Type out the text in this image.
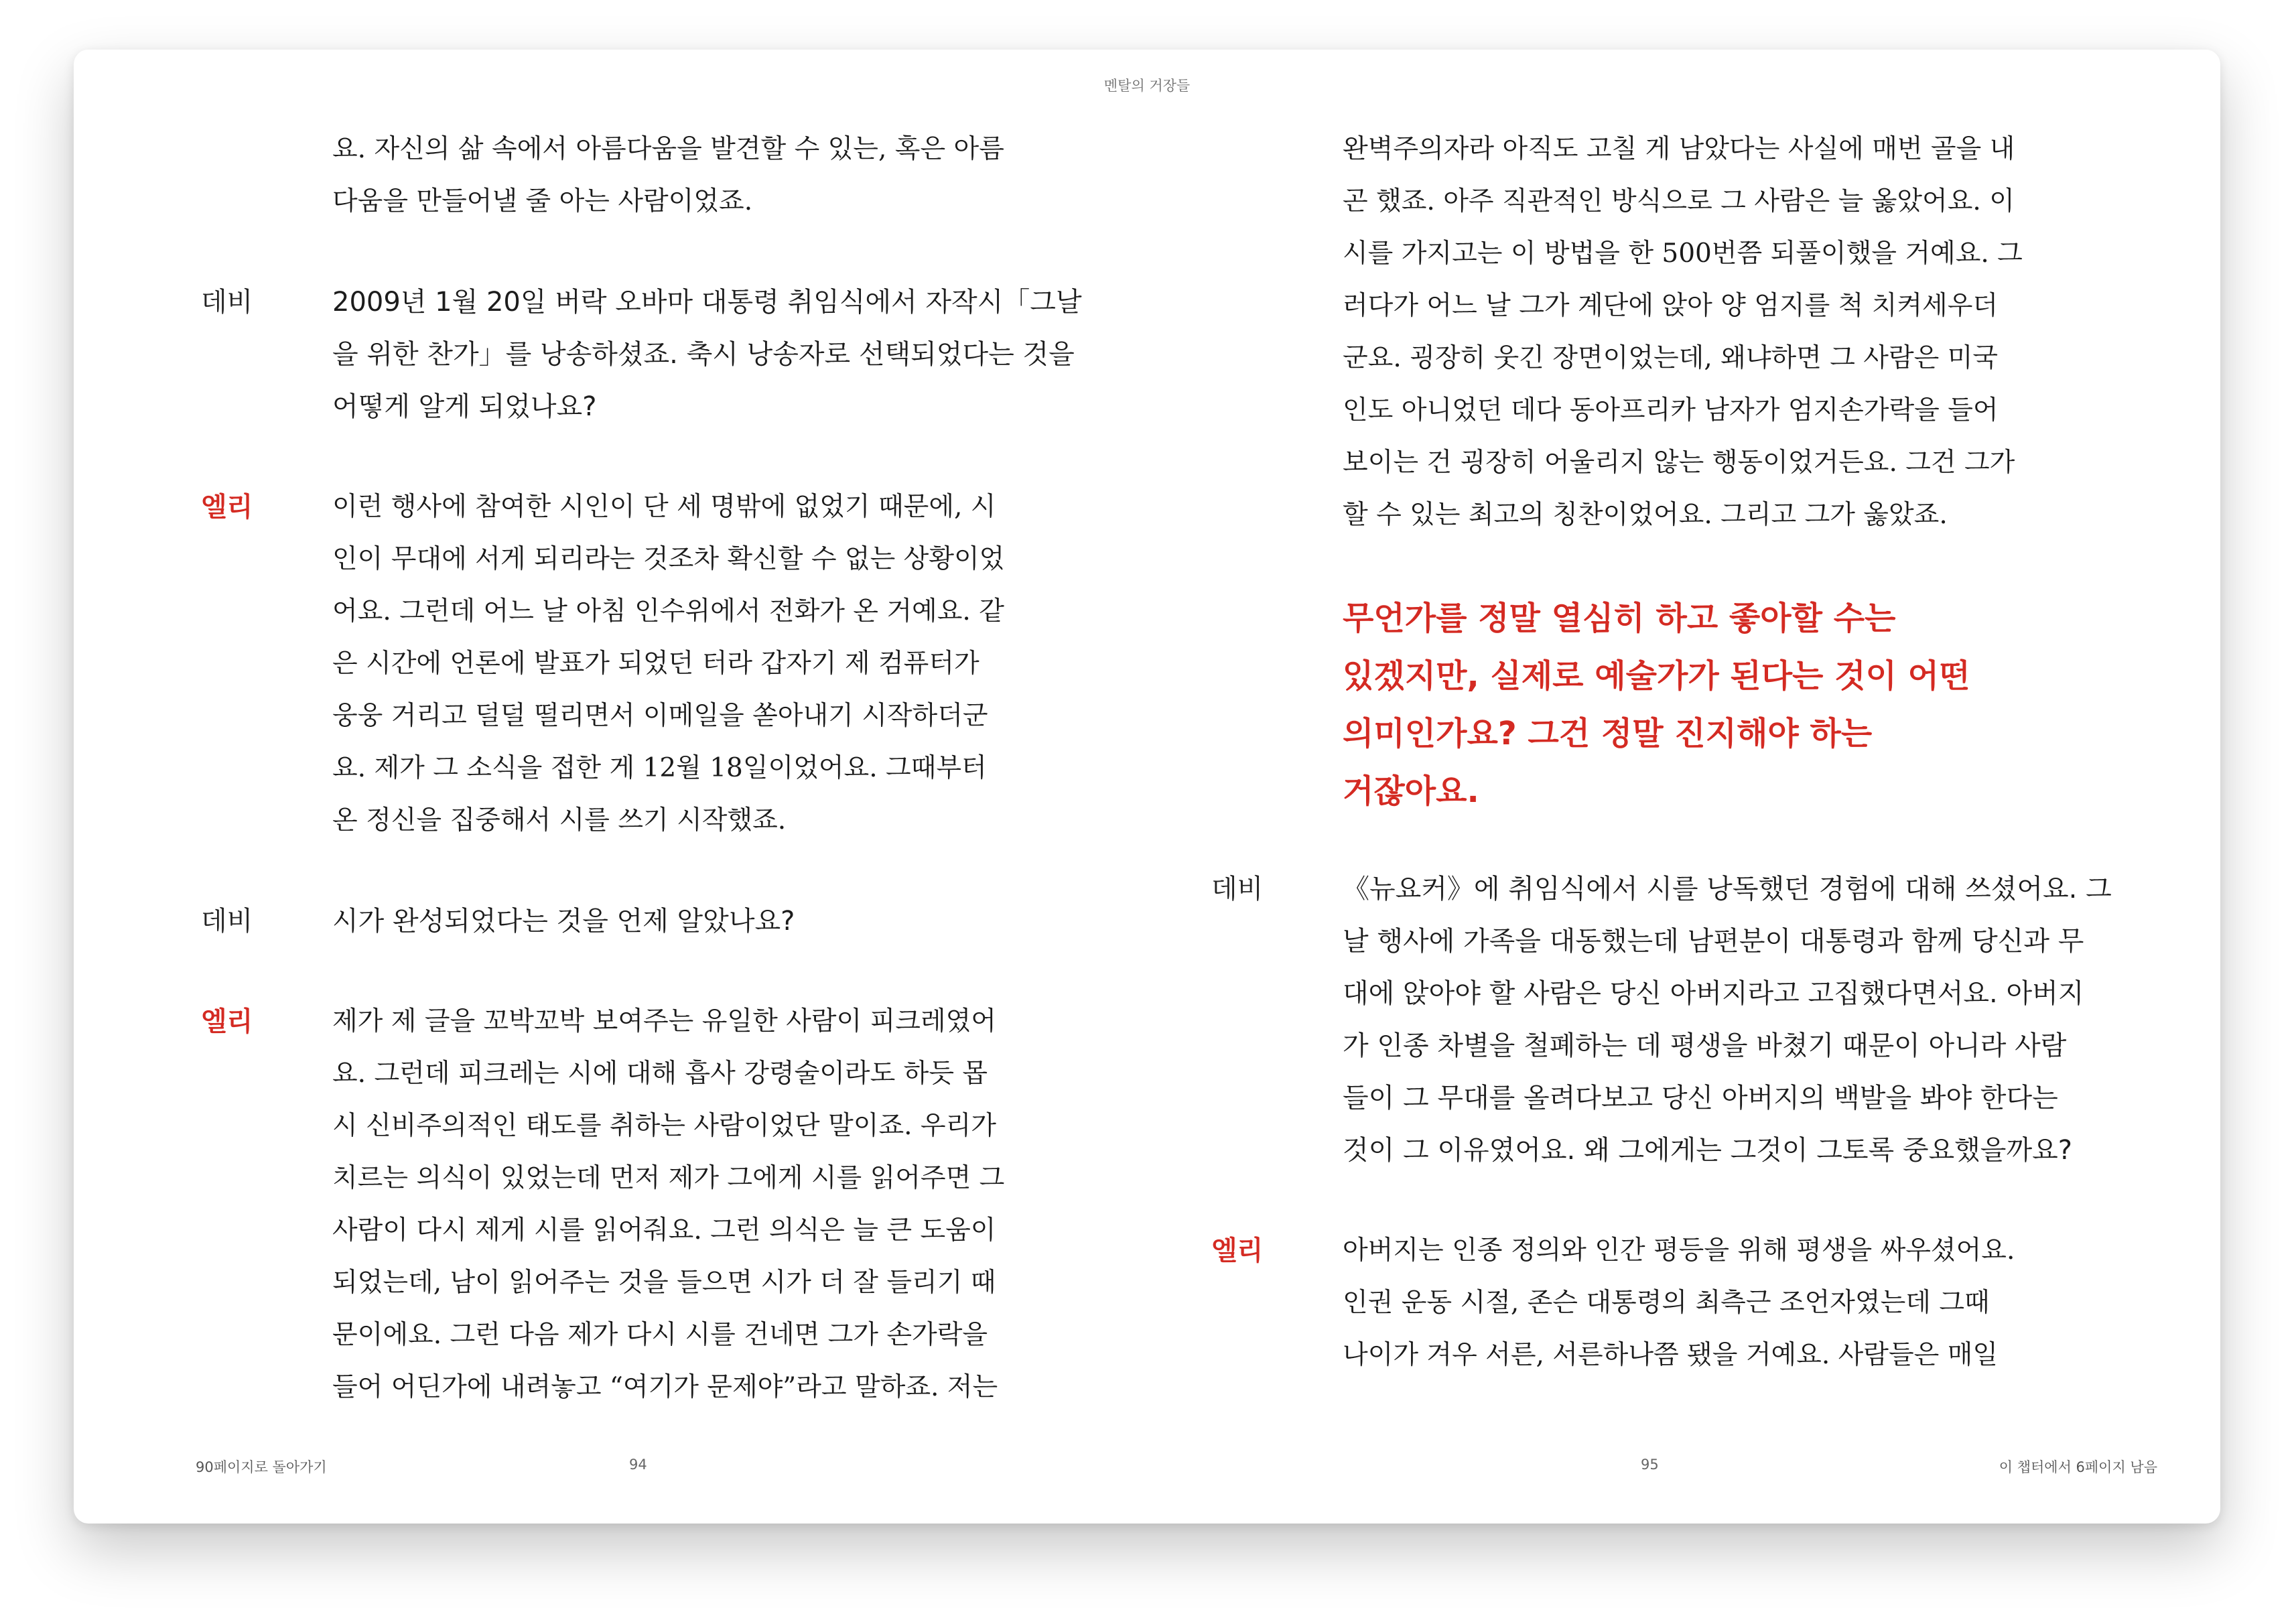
멘탈의 거장들
요. 자신의 삶 속에서 아름다움을 발견할 수 있는, 혹은 아름
다움을 만들어낼 줄 아는 사람이었죠.
데비	2009년 1월 20일 버락 오바마 대통령 취임식에서 자작시「그날
을 위한 찬가」를 낭송하셨죠. 축시 낭송자로 선택되었다는 것을
어떻게 알게 되었나요?
엘리	이런 행사에 참여한 시인이 단 세 명밖에 없었기 때문에, 시
인이 무대에 서게 되리라는 것조차 확신할 수 없는 상황이었
어요. 그런데 어느 날 아침 인수위에서 전화가 온 거예요. 같
은 시간에 언론에 발표가 되었던 터라 갑자기 제 컴퓨터가
웅웅 거리고 덜덜 떨리면서 이메일을 쏟아내기 시작하더군
요. 제가 그 소식을 접한 게 12월 18일이었어요. 그때부터
온 정신을 집중해서 시를 쓰기 시작했죠.
데비	시가 완성되었다는 것을 언제 알았나요?
엘리	제가 제 글을 꼬박꼬박 보여주는 유일한 사람이 피크레였어
요. 그런데 피크레는 시에 대해 흡사 강령술이라도 하듯 몹
시 신비주의적인 태도를 취하는 사람이었단 말이죠. 우리가
치르는 의식이 있었는데 먼저 제가 그에게 시를 읽어주면 그
사람이 다시 제게 시를 읽어줘요. 그런 의식은 늘 큰 도움이
되었는데, 남이 읽어주는 것을 들으면 시가 더 잘 들리기 때
문이에요. 그런 다음 제가 다시 시를 건네면 그가 손가락을
들어 어딘가에 내려놓고 “여기가 문제야”라고 말하죠. 저는
완벽주의자라 아직도 고칠 게 남았다는 사실에 매번 골을 내
곤 했죠. 아주 직관적인 방식으로 그 사람은 늘 옳았어요. 이
시를 가지고는 이 방법을 한 500번쯤 되풀이했을 거예요. 그
러다가 어느 날 그가 계단에 앉아 양 엄지를 척 치켜세우더
군요. 굉장히 웃긴 장면이었는데, 왜냐하면 그 사람은 미국
인도 아니었던 데다 동아프리카 남자가 엄지손가락을 들어
보이는 건 굉장히 어울리지 않는 행동이었거든요. 그건 그가
할 수 있는 최고의 칭찬이었어요. 그리고 그가 옳았죠.
무언가를 정말 열심히 하고 좋아할 수는
있겠지만, 실제로 예술가가 된다는 것이 어떤
의미인가요? 그건 정말 진지해야 하는
거잖아요.
데비	《뉴요커》에 취임식에서 시를 낭독했던 경험에 대해 쓰셨어요. 그
날 행사에 가족을 대동했는데 남편분이 대통령과 함께 당신과 무
대에 앉아야 할 사람은 당신 아버지라고 고집했다면서요. 아버지
가 인종 차별을 철폐하는 데 평생을 바쳤기 때문이 아니라 사람
들이 그 무대를 올려다보고 당신 아버지의 백발을 봐야 한다는
것이 그 이유였어요. 왜 그에게는 그것이 그토록 중요했을까요?
엘리	아버지는 인종 정의와 인간 평등을 위해 평생을 싸우셨어요.
인권 운동 시절, 존슨 대통령의 최측근 조언자였는데 그때
나이가 겨우 서른, 서른하나쯤 됐을 거예요. 사람들은 매일
90페이지로 돌아가기	94	95	이 챕터에서 6페이지 남음
